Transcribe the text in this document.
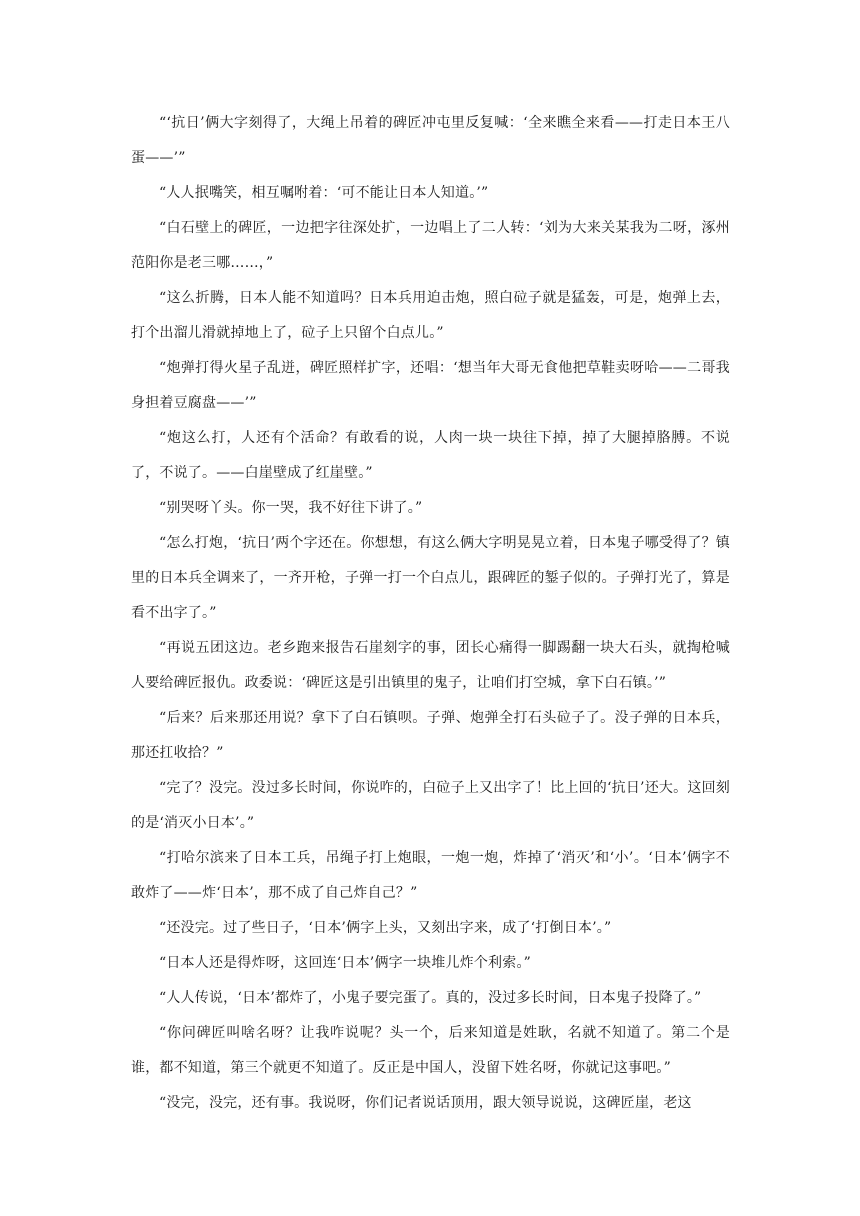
“‘抗日’俩大字刻得了，大绳上吊着的碑匠冲屯里反复喊：‘全来瞧全来看——打走日本王八蛋——’”

“人人抿嘴笑，相互嘱咐着：‘可不能让日本人知道。’”

“白石壁上的碑匠，一边把字往深处扩，一边唱上了二人转：‘刘为大来关某我为二呀，涿州范阳你是老三哪……，”

“这么折腾，日本人能不知道吗？日本兵用迫击炮，照白砬子就是猛轰，可是，炮弹上去，打个出溜儿滑就掉地上了，砬子上只留个白点儿。”

“炮弹打得火星子乱迸，碑匠照样扩字，还唱：‘想当年大哥无食他把草鞋卖呀哈——二哥我身担着豆腐盘——’”

“炮这么打，人还有个活命？有敢看的说，人肉一块一块往下掉，掉了大腿掉胳膊。不说了，不说了。——白崖壁成了红崖壁。”

“别哭呀丫头。你一哭，我不好往下讲了。”

“怎么打炮，‘抗日’两个字还在。你想想，有这么俩大字明晃晃立着，日本鬼子哪受得了？镇里的日本兵全调来了，一齐开枪，子弹一打一个白点儿，跟碑匠的錾子似的。子弹打光了，算是看不出字了。”

“再说五团这边。老乡跑来报告石崖刻字的事，团长心痛得一脚踢翻一块大石头，就掏枪喊人要给碑匠报仇。政委说：‘碑匠这是引出镇里的鬼子，让咱们打空城，拿下白石镇。’”

“后来？后来那还用说？拿下了白石镇呗。子弹、炮弹全打石头砬子了。没子弹的日本兵，那还扛收拾？”

“完了？没完。没过多长时间，你说咋的，白砬子上又出字了！比上回的‘抗日’还大。这回刻的是‘消灭小日本’。”

“打哈尔滨来了日本工兵，吊绳子打上炮眼，一炮一炮，炸掉了‘消灭’和‘小’。‘日本’俩字不敢炸了——炸‘日本’，那不成了自己炸自己？”

“还没完。过了些日子，‘日本’俩字上头，又刻出字来，成了‘打倒日本’。”

“日本人还是得炸呀，这回连‘日本’俩字一块堆儿炸个利索。”

“人人传说，‘日本’都炸了，小鬼子要完蛋了。真的，没过多长时间，日本鬼子投降了。”

“你问碑匠叫啥名呀？让我咋说呢？头一个，后来知道是姓耿，名就不知道了。第二个是谁，都不知道，第三个就更不知道了。反正是中国人，没留下姓名呀，你就记这事吧。”

“没完，没完，还有事。我说呀，你们记者说话顶用，跟大领导说说，这碑匠崖，老这
